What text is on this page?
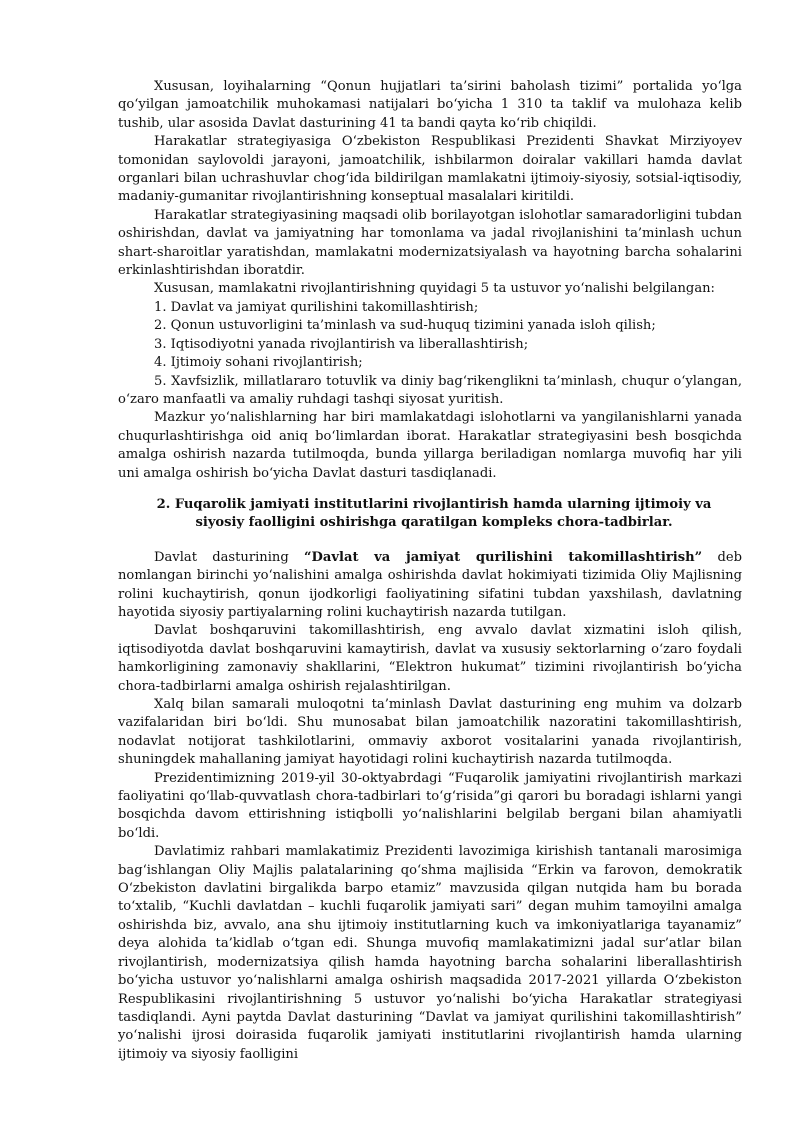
Xususan, loyihalarning “Qonun hujjatlari ta’sirini baholash tizimi” portalida yo‘lga qo‘yilgan jamoatchilik muhokamasi natijalari bo‘yicha 1 310 ta taklif va mulohaza kelib tushib, ular asosida Davlat dasturining 41 ta bandi qayta ko‘rib chiqildi.

Harakatlar strategiyasiga O‘zbekiston Respublikasi Prezidenti Shavkat Mirziyoyev tomonidan saylovoldi jarayoni, jamoatchilik, ishbilarmon doiralar vakillari hamda davlat organlari bilan uchrashuvlar chog‘ida bildirilgan mamlakatni ijtimoiy-siyosiy, sotsial-iqtisodiy, madaniy-gumanitar rivojlantirishning konseptual masalalari kiritildi.

Harakatlar strategiyasining maqsadi olib borilayotgan islohotlar samaradorligini tubdan oshirishdan, davlat va jamiyatning har tomonlama va jadal rivojlanishini ta’minlash uchun shart-sharoitlar yaratishdan, mamlakatni modernizatsiyalash va hayotning barcha sohalarini erkinlashtirishdan iboratdir.

Xususan, mamlakatni rivojlantirishning quyidagi 5 ta ustuvor yo‘nalishi belgilangan:

1. Davlat va jamiyat qurilishini takomillashtirish;

2. Qonun ustuvorligini ta’minlash va sud-huquq tizimini yanada isloh qilish;

3. Iqtisodiyotni yanada rivojlantirish va liberallashtirish;

4. Ijtimoiy sohani rivojlantirish;

5. Xavfsizlik, millatlararo totuvlik va diniy bag‘rikenglikni ta’minlash, chuqur o‘ylangan, o‘zaro manfaatli va amaliy ruhdagi tashqi siyosat yuritish.

Mazkur yo‘nalishlarning har biri mamlakatdagi islohotlarni va yangilanishlarni yanada chuqurlashtirishga oid aniq bo‘limlardan iborat. Harakatlar strategiyasini besh bosqichda amalga oshirish nazarda tutilmoqda, bunda yillarga beriladigan nomlarga muvofiq har yili uni amalga oshirish bo‘yicha Davlat dasturi tasdiqlanadi.

2. Fuqarolik jamiyati institutlarini rivojlantirish hamda ularning ijtimoiy va siyosiy faolligini oshirishga qaratilgan kompleks chora-tadbirlar.

Davlat dasturining “Davlat va jamiyat qurilishini takomillashtirish” deb nomlangan birinchi yo‘nalishini amalga oshirishda davlat hokimiyati tizimida Oliy Majlisning rolini kuchaytirish, qonun ijodkorligi faoliyatining sifatini tubdan yaxshilash, davlatning hayotida siyosiy partiyalarning rolini kuchaytirish nazarda tutilgan.

Davlat boshqaruvini takomillashtirish, eng avvalo davlat xizmatini isloh qilish, iqtisodiyotda davlat boshqaruvini kamaytirish, davlat va xususiy sektorlarning o‘zaro foydali hamkorligining zamonaviy shakllarini, “Elektron hukumat” tizimini rivojlantirish bo‘yicha chora-tadbirlarni amalga oshirish rejalashtirilgan.

Xalq bilan samarali muloqotni ta’minlash Davlat dasturining eng muhim va dolzarb vazifalaridan biri bo‘ldi. Shu munosabat bilan jamoatchilik nazoratini takomillashtirish, nodavlat notijorat tashkilotlarini, ommaviy axborot vositalarini yanada rivojlantirish, shuningdek mahallaning jamiyat hayotidagi rolini kuchaytirish nazarda tutilmoqda.

Prezidentimizning 2019-yil 30-oktyabrdagi “Fuqarolik jamiyatini rivojlantirish markazi faoliyatini qo‘llab-quvvatlash chora-tadbirlari to‘g‘risida”gi qarori bu boradagi ishlarni yangi bosqichda davom ettirishning istiqbolli yo‘nalishlarini belgilab bergani bilan ahamiyatli bo‘ldi.

Davlatimiz rahbari mamlakatimiz Prezidenti lavozimiga kirishish tantanali marosimiga bag‘ishlangan Oliy Majlis palatalarining qo‘shma majlisida “Erkin va farovon, demokratik O‘zbekiston davlatini birgalikda barpo etamiz” mavzusida qilgan nutqida ham bu borada to‘xtalib, “Kuchli davlatdan – kuchli fuqarolik jamiyati sari” degan muhim tamoyilni amalga oshirishda biz, avvalo, ana shu ijtimoiy institutlarning kuch va imkoniyatlariga tayanamiz” deya alohida ta’kidlab o‘tgan edi. Shunga muvofiq mamlakatimizni jadal sur’atlar bilan rivojlantirish, modernizatsiya qilish hamda hayotning barcha sohalarini liberallashtirish bo‘yicha ustuvor yo‘nalishlarni amalga oshirish maqsadida 2017-2021 yillarda O‘zbekiston Respublikasini rivojlantirishning 5 ustuvor yo‘nalishi bo‘yicha Harakatlar strategiyasi tasdiqlandi. Ayni paytda Davlat dasturining “Davlat va jamiyat qurilishini takomillashtirish” yo‘nalishi ijrosi doirasida fuqarolik jamiyati institutlarini rivojlantirish hamda ularning ijtimoiy va siyosiy faolligini
